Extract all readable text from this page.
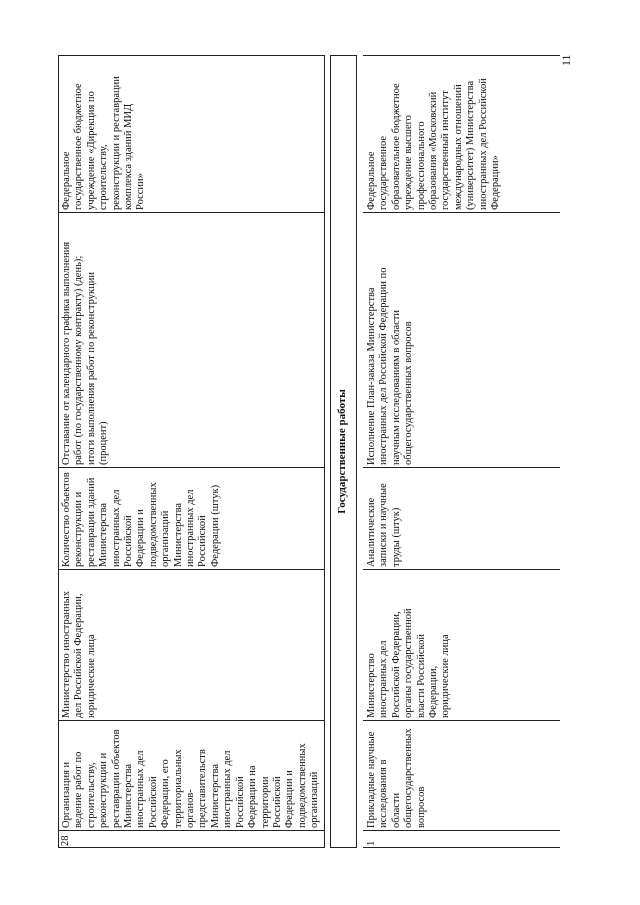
11
28
Организация и
ведение работ по
строительству,
реконструкции и
реставрации объектов
Министерства
иностранных дел
Российской
Федерации, его
территориальных
органов-
представительств
Министерства
иностранных дел
Российской
Федерации на
территории
Российской
Федерации и
подведомственных
организаций
Министерство иностранных
дел Российской Федерации,
юридические лица
Количество объектов
реконструкции и
реставрации зданий
Министерства
иностранных дел
Российской
Федерации и
подведомственных
организаций
Министерства
иностранных дел
Российской
Федерации (штук)
Отставание от календарного графика выполнения
работ (по государственному контракту) (день);
итоги выполнения работ по реконструкции
(процент)
Федеральное
государственное бюджетное
учреждение «Дирекция по
строительству,
реконструкции и реставрации
комплекса зданий МИД
России»
Государственные работы
1
Прикладные научные
исследования в области
общегосударственных
вопросов
Министерство
иностранных дел
Российской Федерации,
органы государственной
власти Российской
Федерации,
юридические лица
Аналитические
записки и научные
труды (штук)
Исполнение План-заказа Министерства
иностранных дел Российской Федерации по
научным исследованиям в области
общегосударственных вопросов
Федеральное
государственное
образовательное бюджетное
учреждение высшего
профессионального
образования «Московский
государственный институт
международных отношений
(университет) Министерства
иностранных дел Российской
Федерации»
